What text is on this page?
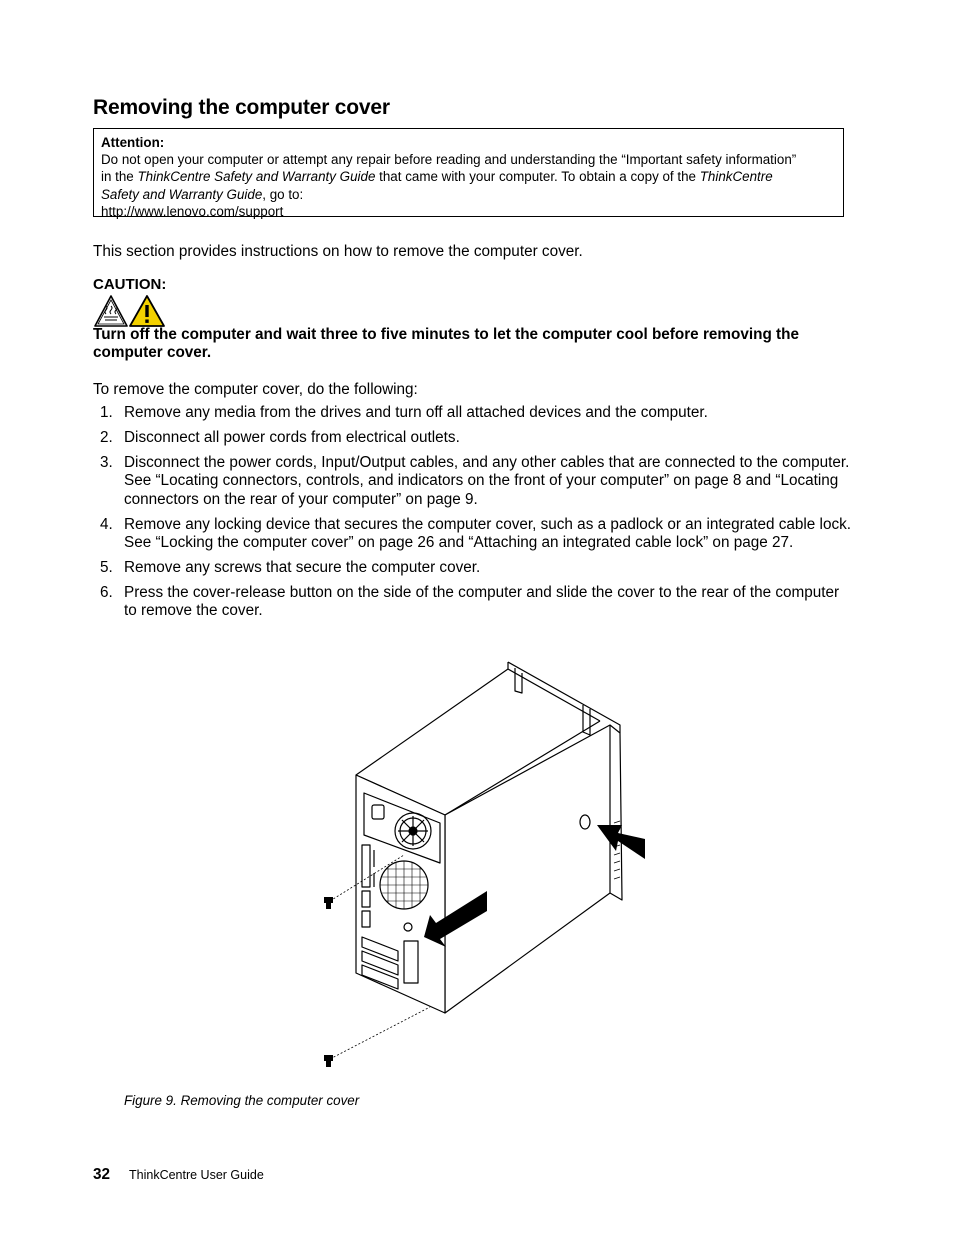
Removing the computer cover
Attention:
Do not open your computer or attempt any repair before reading and understanding the “Important safety information”
in the ThinkCentre Safety and Warranty Guide that came with your computer. To obtain a copy of the ThinkCentre
Safety and Warranty Guide, go to:
http://www.lenovo.com/support

This section provides instructions on how to remove the computer cover.

CAUTION:

Turn off the computer and wait three to five minutes to let the computer cool before removing the computer cover.

To remove the computer cover, do the following:

1. Remove any media from the drives and turn off all attached devices and the computer.
2. Disconnect all power cords from electrical outlets.
3. Disconnect the power cords, Input/Output cables, and any other cables that are connected to the computer. See “Locating connectors, controls, and indicators on the front of your computer” on page 8 and “Locating connectors on the rear of your computer” on page 9.
4. Remove any locking device that secures the computer cover, such as a padlock or an integrated cable lock. See “Locking the computer cover” on page 26 and “Attaching an integrated cable lock” on page 27.
5. Remove any screws that secure the computer cover.
6. Press the cover-release button on the side of the computer and slide the cover to the rear of the computer to remove the cover.

Figure 9. Removing the computer cover

32 ThinkCentre User Guide
